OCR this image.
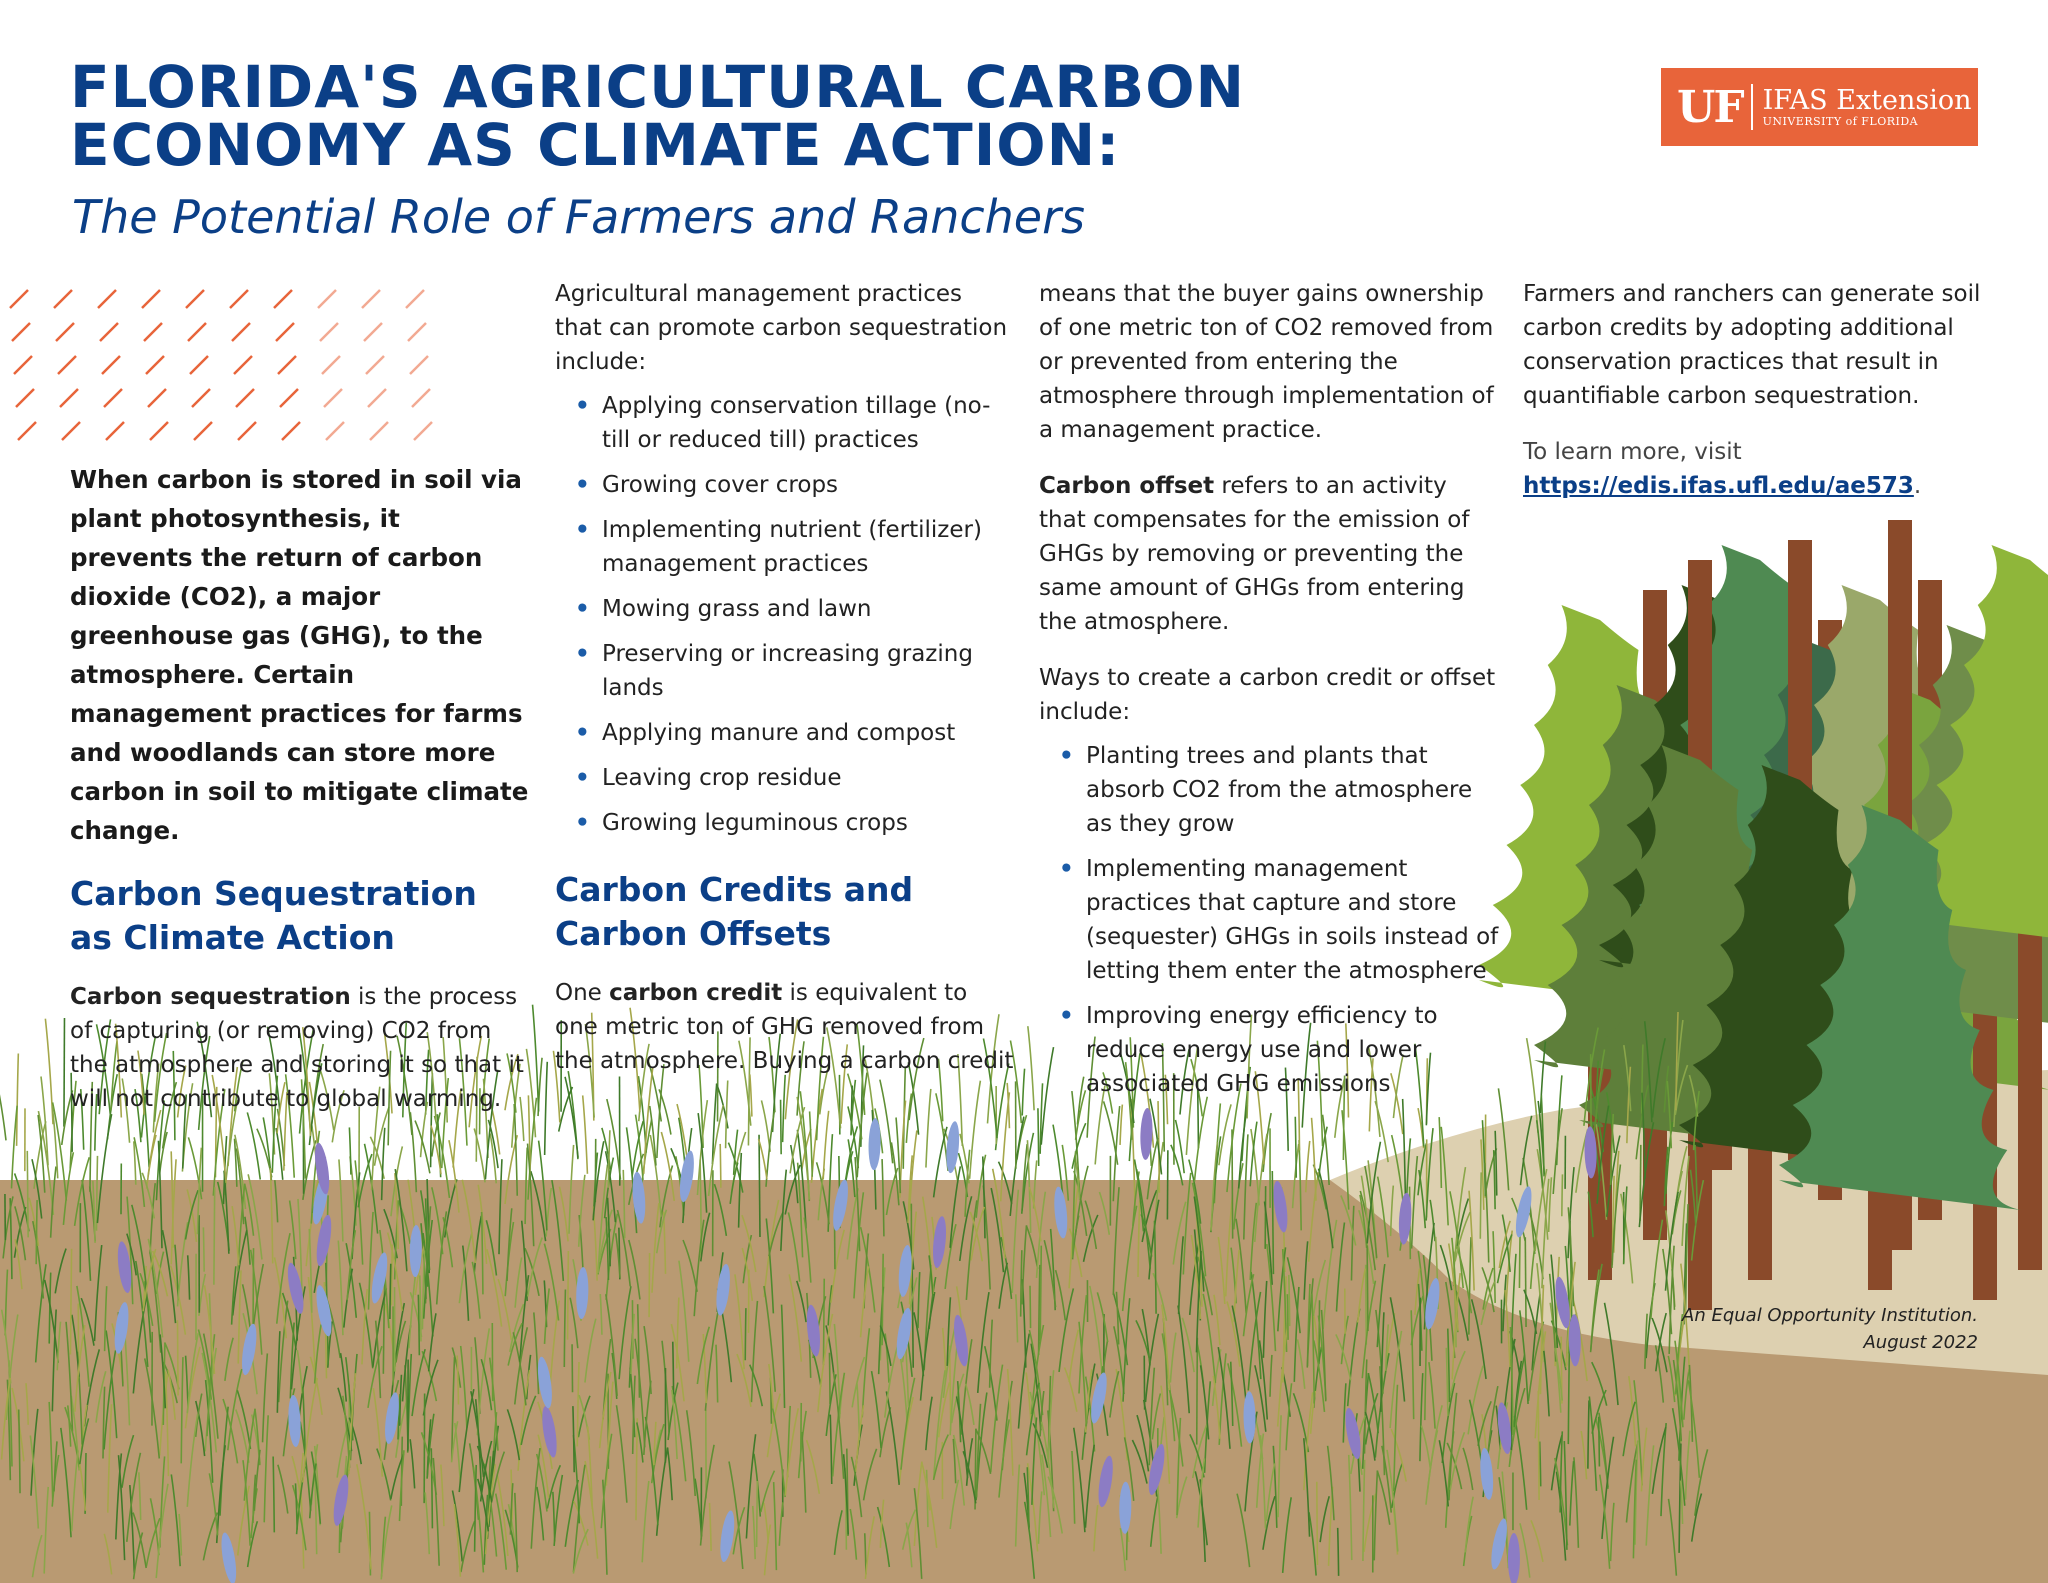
FLORIDA'S AGRICULTURAL CARBON
ECONOMY AS CLIMATE ACTION:
The Potential Role of Farmers and Ranchers
UF IFAS Extension
UNIVERSITY of FLORIDA

When carbon is stored in soil via plant photosynthesis, it prevents the return of carbon dioxide (CO2), a major greenhouse gas (GHG), to the atmosphere. Certain management practices for farms and woodlands can store more carbon in soil to mitigate climate change.

Carbon Sequestration as Climate Action

Carbon sequestration is the process of capturing (or removing) CO2 from the atmosphere and storing it so that it will not contribute to global warming.

Agricultural management practices that can promote carbon sequestration include:

• Applying conservation tillage (no-till or reduced till) practices
• Growing cover crops
• Implementing nutrient (fertilizer) management practices
• Mowing grass and lawn
• Preserving or increasing grazing lands
• Applying manure and compost
• Leaving crop residue
• Growing leguminous crops
Carbon Credits and Carbon Offsets

One carbon credit is equivalent to one metric ton of GHG removed from the atmosphere. Buying a carbon credit

means that the buyer gains ownership of one metric ton of CO2 removed from or prevented from entering the atmosphere through implementation of a management practice.

Carbon offset refers to an activity that compensates for the emission of GHGs by removing or preventing the same amount of GHGs from entering the atmosphere.

Ways to create a carbon credit or offset include:

• Planting trees and plants that absorb CO2 from the atmosphere as they grow
• Implementing management practices that capture and store (sequester) GHGs in soils instead of letting them enter the atmosphere
• Improving energy efficiency to reduce energy use and lower associated GHG emissions

Farmers and ranchers can generate soil carbon credits by adopting additional conservation practices that result in quantifiable carbon sequestration.

To learn more, visit
https://edis.ifas.ufl.edu/ae573.

An Equal Opportunity Institution.
August 2022
